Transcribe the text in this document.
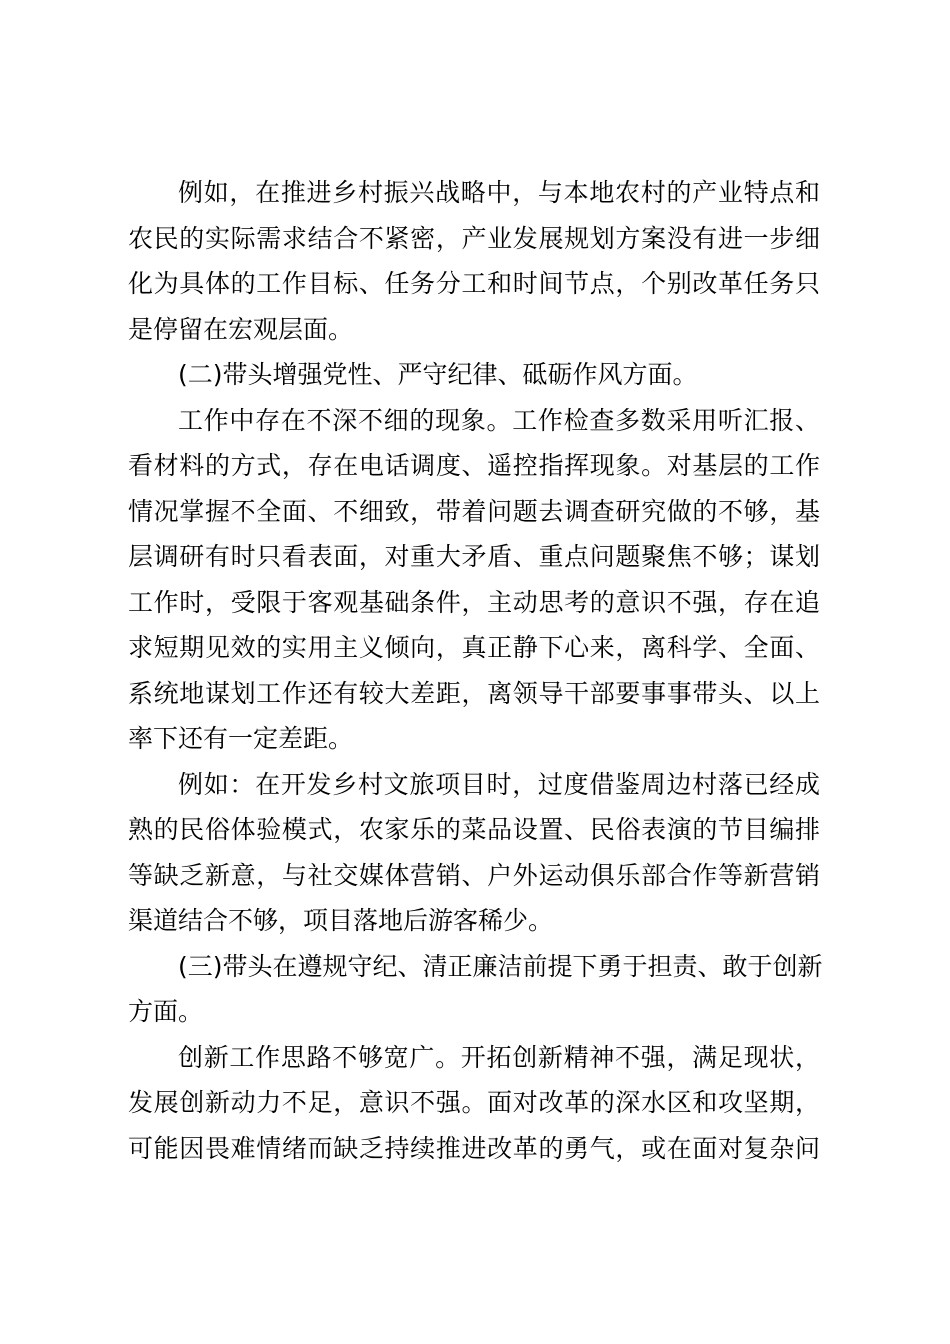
例如，在推进乡村振兴战略中，与本地农村的产业特点和
农民的实际需求结合不紧密，产业发展规划方案没有进一步细
化为具体的工作目标、任务分工和时间节点，个别改革任务只
是停留在宏观层面。
(二)带头增强党性、严守纪律、砥砺作风方面。
工作中存在不深不细的现象。工作检查多数采用听汇报、
看材料的方式，存在电话调度、遥控指挥现象。对基层的工作
情况掌握不全面、不细致，带着问题去调查研究做的不够，基
层调研有时只看表面，对重大矛盾、重点问题聚焦不够；谋划
工作时，受限于客观基础条件，主动思考的意识不强，存在追
求短期见效的实用主义倾向，真正静下心来，离科学、全面、
系统地谋划工作还有较大差距，离领导干部要事事带头、以上
率下还有一定差距。
例如：在开发乡村文旅项目时，过度借鉴周边村落已经成
熟的民俗体验模式，农家乐的菜品设置、民俗表演的节目编排
等缺乏新意，与社交媒体营销、户外运动俱乐部合作等新营销
渠道结合不够，项目落地后游客稀少。
(三)带头在遵规守纪、清正廉洁前提下勇于担责、敢于创新
方面。
创新工作思路不够宽广。开拓创新精神不强，满足现状，
发展创新动力不足，意识不强。面对改革的深水区和攻坚期，
可能因畏难情绪而缺乏持续推进改革的勇气，或在面对复杂问
